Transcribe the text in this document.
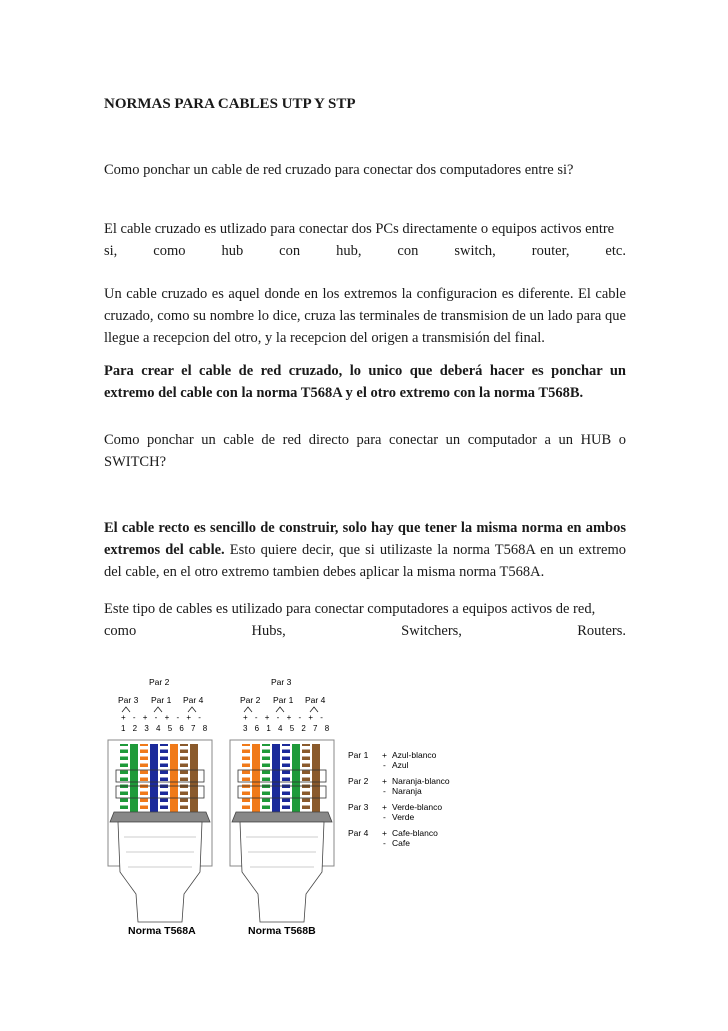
NORMAS PARA CABLES UTP Y STP
Como ponchar un cable de red cruzado para conectar dos computadores entre si?
El cable cruzado es utlizado para conectar dos PCs directamente o equipos activos entre
si, como hub con hub, con switch, router, etc.
Un cable cruzado es aquel donde en los extremos la configuracion es diferente. El cable cruzado, como su nombre lo dice, cruza las terminales de transmision de un lado para que llegue a recepcion del otro, y la recepcion del origen a transmisión del final.
Para crear el cable de red cruzado, lo unico que deberá hacer es ponchar un extremo del cable con la norma T568A y el otro extremo con la norma T568B.
Como ponchar un cable de red directo para conectar un computador a un HUB o SWITCH?
El cable recto es sencillo de construir, solo hay que tener la misma norma en ambos extremos del cable. Esto quiere decir, que si utilizaste la norma T568A en un extremo del cable, en el otro extremo tambien debes aplicar la misma norma T568A.
Este tipo de cables es utilizado para conectar computadores a equipos activos de red,
como	Hubs,	Switchers,	Routers.
Par 2
Par 3 Par 1 Par 4
+ - + - + - + -
1 2 3 4 5 6 7 8
Norma T568A
Par 3
Par 2 Par 1 Par 4
+ - + - + - + -
3 6 1 4 5 2 7 8
Norma T568B
Par 1 + Azul-blanco
- Azul
Par 2 + Naranja-blanco
- Naranja
Par 3 + Verde-blanco
- Verde
Par 4 + Cafe-blanco
- Cafe
